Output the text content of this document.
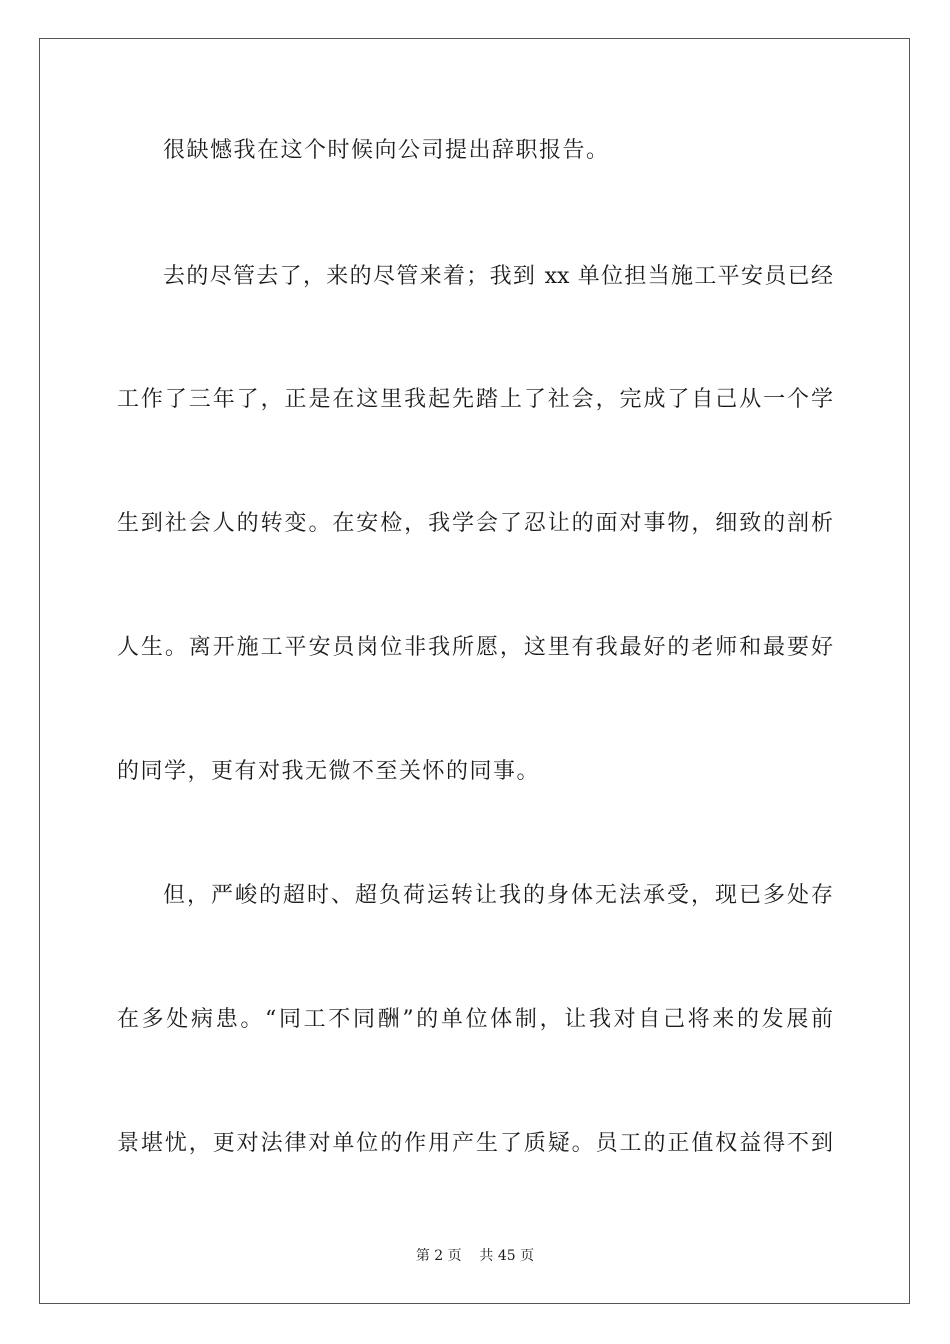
很缺憾我在这个时候向公司提出辞职报告。
去的尽管去了，来的尽管来着；我到 xx 单位担当施工平安员已经
工作了三年了，正是在这里我起先踏上了社会，完成了自己从一个学
生到社会人的转变。在安检，我学会了忍让的面对事物，细致的剖析
人生。离开施工平安员岗位非我所愿，这里有我最好的老师和最要好
的同学，更有对我无微不至关怀的同事。
但，严峻的超时、超负荷运转让我的身体无法承受，现已多处存
在多处病患。“同工不同酬”的单位体制，让我对自己将来的发展前
景堪忧，更对法律对单位的作用产生了质疑。员工的正值权益得不到
第 2 页    共 45 页
